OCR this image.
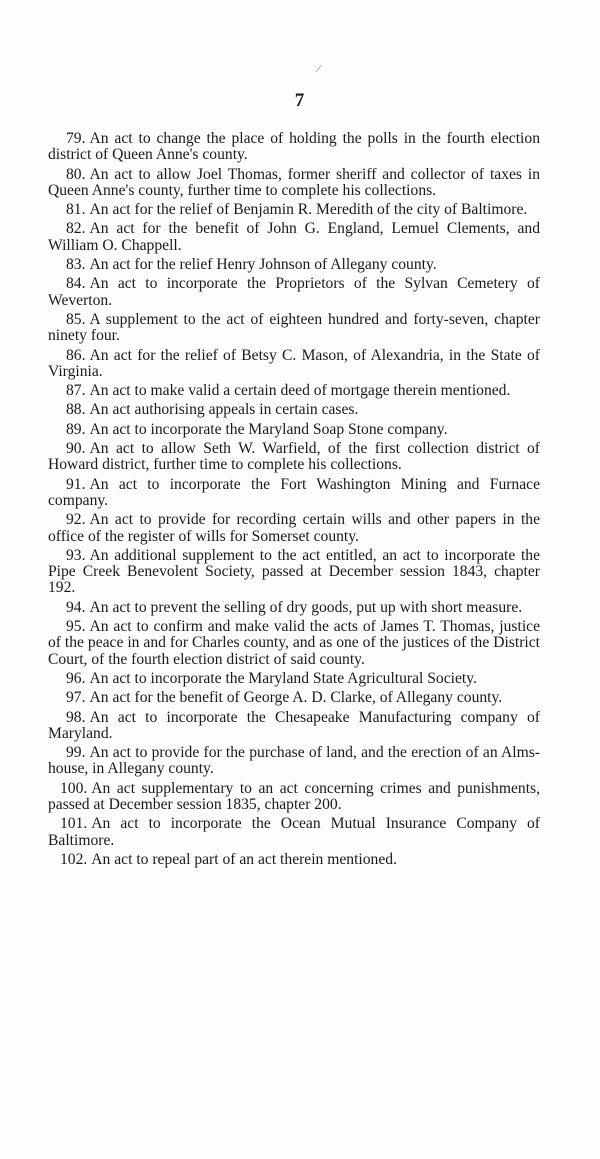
⁄
7

79. An act to change the place of holding the polls in the fourth election district of Queen Anne's county.

80. An act to allow Joel Thomas, former sheriff and collector of taxes in Queen Anne's county, further time to complete his collections.

81. An act for the relief of Benjamin R. Meredith of the city of Baltimore.

82. An act for the benefit of John G. England, Lemuel Clements, and William O. Chappell.

83. An act for the relief Henry Johnson of Allegany county.

84. An act to incorporate the Proprietors of the Sylvan Cemetery of Weverton.

85. A supplement to the act of eighteen hundred and forty-seven, chapter ninety four.

86. An act for the relief of Betsy C. Mason, of Alexandria, in the State of Virginia.

87. An act to make valid a certain deed of mortgage therein mentioned.

88. An act authorising appeals in certain cases.

89. An act to incorporate the Maryland Soap Stone company.

90. An act to allow Seth W. Warfield, of the first collection district of Howard district, further time to complete his collections.

91. An act to incorporate the Fort Washington Mining and Furnace company.

92. An act to provide for recording certain wills and other papers in the office of the register of wills for Somerset county.

93. An additional supplement to the act entitled, an act to incorporate the Pipe Creek Benevolent Society, passed at December session 1843, chapter 192.

94. An act to prevent the selling of dry goods, put up with short measure.

95. An act to confirm and make valid the acts of James T. Thomas, justice of the peace in and for Charles county, and as one of the justices of the District Court, of the fourth election district of said county.

96. An act to incorporate the Maryland State Agricultural Society.

97. An act for the benefit of George A. D. Clarke, of Allegany county.

98. An act to incorporate the Chesapeake Manufacturing company of Maryland.

99. An act to provide for the purchase of land, and the erection of an Alms-house, in Allegany county.

100. An act supplementary to an act concerning crimes and punishments, passed at December session 1835, chapter 200.

101. An act to incorporate the Ocean Mutual Insurance Company of Baltimore.

102. An act to repeal part of an act therein mentioned.
